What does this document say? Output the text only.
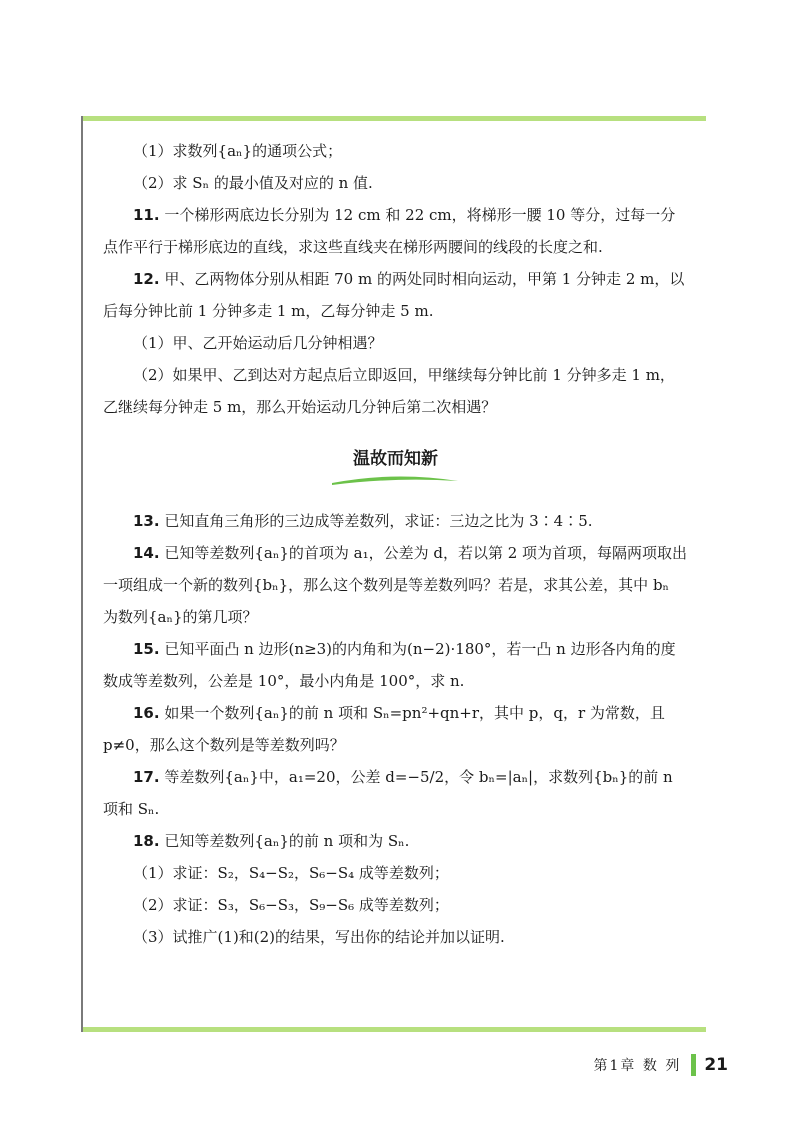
（1）求数列{aₙ}的通项公式；

（2）求 Sₙ 的最小值及对应的 n 值.

11. 一个梯形两底边长分别为 12 cm 和 22 cm，将梯形一腰 10 等分，过每一分点作平行于梯形底边的直线，求这些直线夹在梯形两腰间的线段的长度之和.

12. 甲、乙两物体分别从相距 70 m 的两处同时相向运动，甲第 1 分钟走 2 m，以后每分钟比前 1 分钟多走 1 m，乙每分钟走 5 m.

（1）甲、乙开始运动后几分钟相遇？

（2）如果甲、乙到达对方起点后立即返回，甲继续每分钟比前 1 分钟多走 1 m，乙继续每分钟走 5 m，那么开始运动几分钟后第二次相遇？

温故而知新

13. 已知直角三角形的三边成等差数列，求证：三边之比为 3∶4∶5.

14. 已知等差数列{aₙ}的首项为 a₁，公差为 d，若以第 2 项为首项，每隔两项取出一项组成一个新的数列{bₙ}，那么这个数列是等差数列吗？若是，求其公差，其中 bₙ 为数列{aₙ}的第几项？

15. 已知平面凸 n 边形(n≥3)的内角和为(n−2)·180°，若一凸 n 边形各内角的度数成等差数列，公差是 10°，最小内角是 100°，求 n.

16. 如果一个数列{aₙ}的前 n 项和 Sₙ=pn²+qn+r，其中 p，q，r 为常数，且 p≠0，那么这个数列是等差数列吗？

17. 等差数列{aₙ}中，a₁=20，公差 d=−5/2，令 bₙ=|aₙ|，求数列{bₙ}的前 n 项和 Sₙ.

18. 已知等差数列{aₙ}的前 n 项和为 Sₙ.

（1）求证：S₂，S₄−S₂，S₆−S₄ 成等差数列；

（2）求证：S₃，S₆−S₃，S₉−S₆ 成等差数列；

（3）试推广(1)和(2)的结果，写出你的结论并加以证明.

第1章 数 列 21
